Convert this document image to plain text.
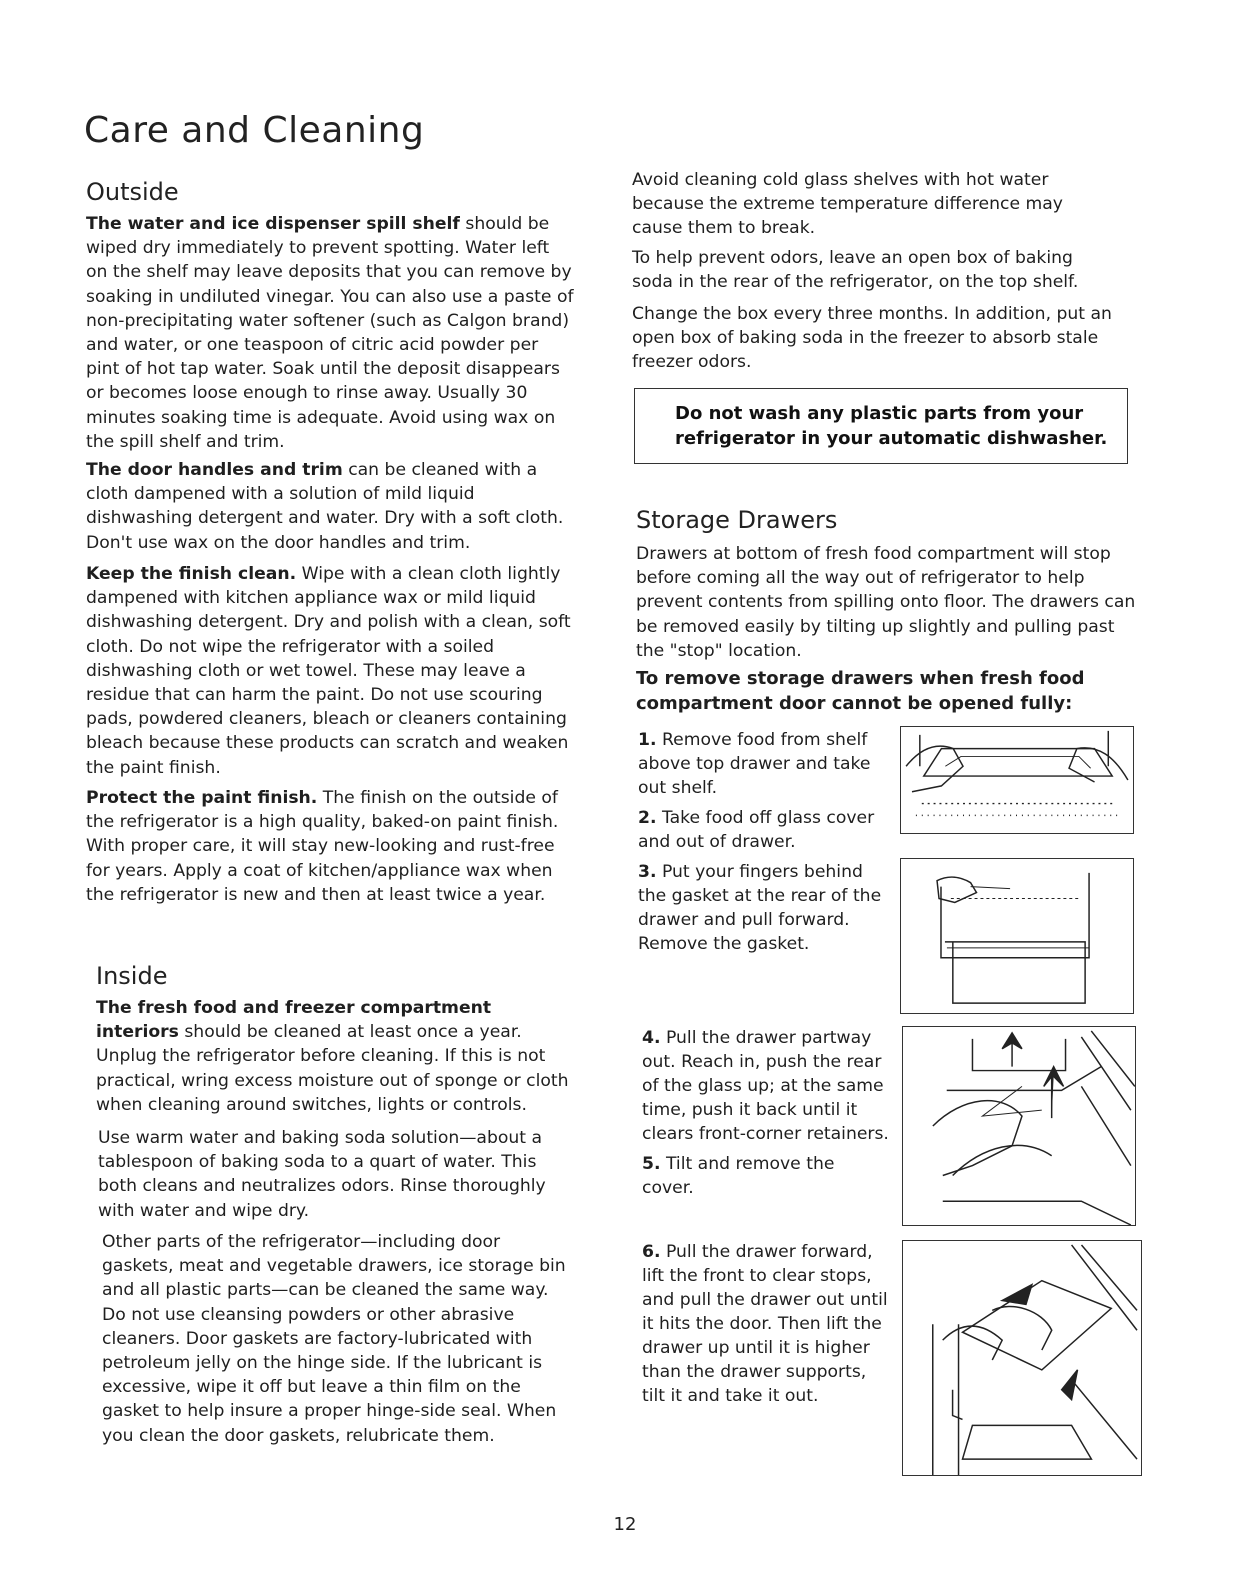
Care and Cleaning
Outside

The water and ice dispenser spill shelf should be wiped dry immediately to prevent spotting. Water left on the shelf may leave deposits that you can remove by soaking in undiluted vinegar. You can also use a paste of non-precipitating water softener (such as Calgon brand) and water, or one teaspoon of citric acid powder per pint of hot tap water. Soak until the deposit disappears or becomes loose enough to rinse away. Usually 30 minutes soaking time is adequate. Avoid using wax on the spill shelf and trim.

The door handles and trim can be cleaned with a cloth dampened with a solution of mild liquid dishwashing detergent and water. Dry with a soft cloth. Don't use wax on the door handles and trim.

Keep the finish clean. Wipe with a clean cloth lightly dampened with kitchen appliance wax or mild liquid dishwashing detergent. Dry and polish with a clean, soft cloth. Do not wipe the refrigerator with a soiled dishwashing cloth or wet towel. These may leave a residue that can harm the paint. Do not use scouring pads, powdered cleaners, bleach or cleaners containing bleach because these products can scratch and weaken the paint finish.

Protect the paint finish. The finish on the outside of the refrigerator is a high quality, baked-on paint finish. With proper care, it will stay new-looking and rust-free for years. Apply a coat of kitchen/appliance wax when the refrigerator is new and then at least twice a year.

Inside

The fresh food and freezer compartment interiors should be cleaned at least once a year. Unplug the refrigerator before cleaning. If this is not practical, wring excess moisture out of sponge or cloth when cleaning around switches, lights or controls.

Use warm water and baking soda solution—about a tablespoon of baking soda to a quart of water. This both cleans and neutralizes odors. Rinse thoroughly with water and wipe dry.

Other parts of the refrigerator—including door gaskets, meat and vegetable drawers, ice storage bin and all plastic parts—can be cleaned the same way. Do not use cleansing powders or other abrasive cleaners. Door gaskets are factory-lubricated with petroleum jelly on the hinge side. If the lubricant is excessive, wipe it off but leave a thin film on the gasket to help insure a proper hinge-side seal. When you clean the door gaskets, relubricate them.

Avoid cleaning cold glass shelves with hot water because the extreme temperature difference may cause them to break.

To help prevent odors, leave an open box of baking soda in the rear of the refrigerator, on the top shelf.

Change the box every three months. In addition, put an open box of baking soda in the freezer to absorb stale freezer odors.

Do not wash any plastic parts from your refrigerator in your automatic dishwasher.
Storage Drawers

Drawers at bottom of fresh food compartment will stop before coming all the way out of refrigerator to help prevent contents from spilling onto floor. The drawers can be removed easily by tilting up slightly and pulling past the "stop" location.

To remove storage drawers when fresh food compartment door cannot be opened fully:

1. Remove food from shelf above top drawer and take out shelf.

2. Take food off glass cover and out of drawer.

3. Put your fingers behind the gasket at the rear of the drawer and pull forward. Remove the gasket.

4. Pull the drawer partway out. Reach in, push the rear of the glass up; at the same time, push it back until it clears front-corner retainers.

5. Tilt and remove the cover.

6. Pull the drawer forward, lift the front to clear stops, and pull the drawer out until it hits the door. Then lift the drawer up until it is higher than the drawer supports, tilt it and take it out.

12
